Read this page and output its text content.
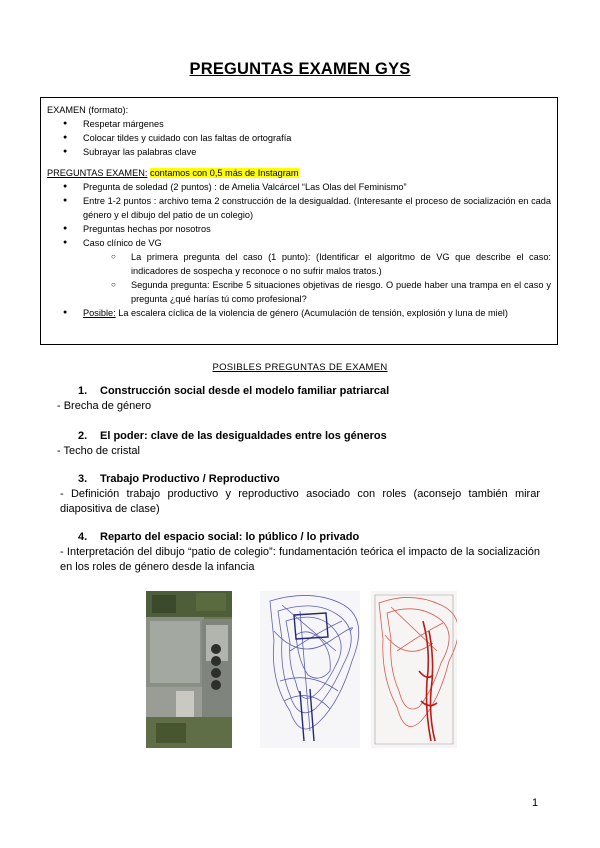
PREGUNTAS EXAMEN GYS

EXAMEN (formato):

● Respetar márgenes
● Colocar tildes y cuidado con las faltas de ortografía
● Subrayar las palabras clave

PREGUNTAS EXAMEN: contamos con 0,5 más de Instagram

● Pregunta de soledad (2 puntos) : de Amelia Valcárcel “Las Olas del Feminismo”
● Entre 1-2 puntos : archivo tema 2 construcción de la desigualdad. (Interesante el proceso de socialización en cada género y el dibujo del patio de un colegio)
● Preguntas hechas por nosotros
● Caso clínico de VG
○ La primera pregunta del caso (1 punto): (Identificar el algoritmo de VG que describe el caso: indicadores de sospecha y reconoce o no sufrir malos tratos.)
○ Segunda pregunta: Escribe 5 situaciones objetivas de riesgo. O puede haber una trampa en el caso y pregunta ¿qué harías tú como profesional?
● Posible: La escalera cíclica de la violencia de género (Acumulación de tensión, explosión y luna de miel)
POSIBLES PREGUNTAS DE EXAMEN
1. Construcción social desde el modelo familiar patriarcal

- Brecha de género

2. El poder: clave de las desigualdades entre los géneros

- Techo de cristal

3. Trabajo Productivo / Reproductivo

- Definición trabajo productivo y reproductivo asociado con roles (aconsejo también mirar diapositiva de clase)

4. Reparto del espacio social: lo público / lo privado

- Interpretación del dibujo “patio de colegio”: fundamentación teórica el impacto de la socialización en los roles de género desde la infancia

1
